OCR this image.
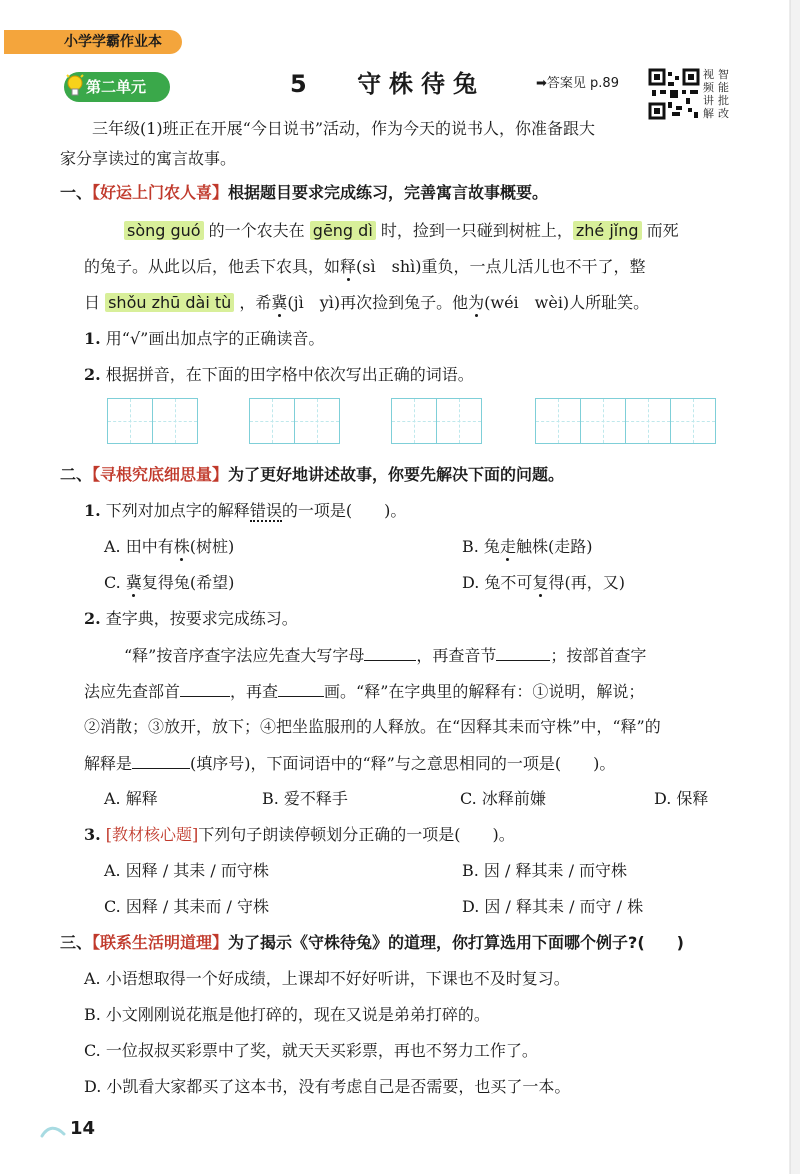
小学学霸作业本
第二单元	5 守株待兔	➡答案见 p.89
视频讲解
智能批改
三年级(1)班正在开展“今日说书”活动，作为今天的说书人，你准备跟大
家分享读过的寓言故事。
一、【好运上门农人喜】根据题目要求完成练习，完善寓言故事概要。
sòng guó 的一个农夫在 gēng dì 时，捡到一只碰到树桩上， zhé jǐng 而死
的兔子。从此以后，他丢下农具，如释(sì　shì)重负，一点儿活儿也不干了，整
日 shǒu zhū dài tù ，希冀(jì　yì)再次捡到兔子。他为(wéi　wèi)人所耻笑。
1. 用“√”画出加点字的正确读音。
2. 根据拼音，在下面的田字格中依次写出正确的词语。
二、【寻根究底细思量】为了更好地讲述故事，你要先解决下面的问题。
1. 下列对加点字的解释错误的一项是(　　)。
A. 田中有株(树桩)	B. 兔走触株(走路)
C. 冀复得兔(希望)	D. 兔不可复得(再，又)
2. 查字典，按要求完成练习。
“释”按音序查字法应先查大写字母	，再查音节	；按部首查字
法应先查部首	，再查	画。“释”在字典里的解释有：①说明，解说；
②消散；③放开，放下；④把坐监服刑的人释放。在“因释其耒而守株”中，“释”的
解释是	(填序号)，下面词语中的“释”与之意思相同的一项是(　　)。
A. 解释	B. 爱不释手	C. 冰释前嫌	D. 保释
3. [教材核心题]下列句子朗读停顿划分正确的一项是(　　)。
A. 因释 / 其耒 / 而守株	B. 因 / 释其耒 / 而守株
C. 因释 / 其耒而 / 守株	D. 因 / 释其耒 / 而守 / 株
三、【联系生活明道理】为了揭示《守株待兔》的道理，你打算选用下面哪个例子?(　　)
A. 小语想取得一个好成绩，上课却不好好听讲，下课也不及时复习。
B. 小文刚刚说花瓶是他打碎的，现在又说是弟弟打碎的。
C. 一位叔叔买彩票中了奖，就天天买彩票，再也不努力工作了。
D. 小凯看大家都买了这本书，没有考虑自己是否需要，也买了一本。
14
